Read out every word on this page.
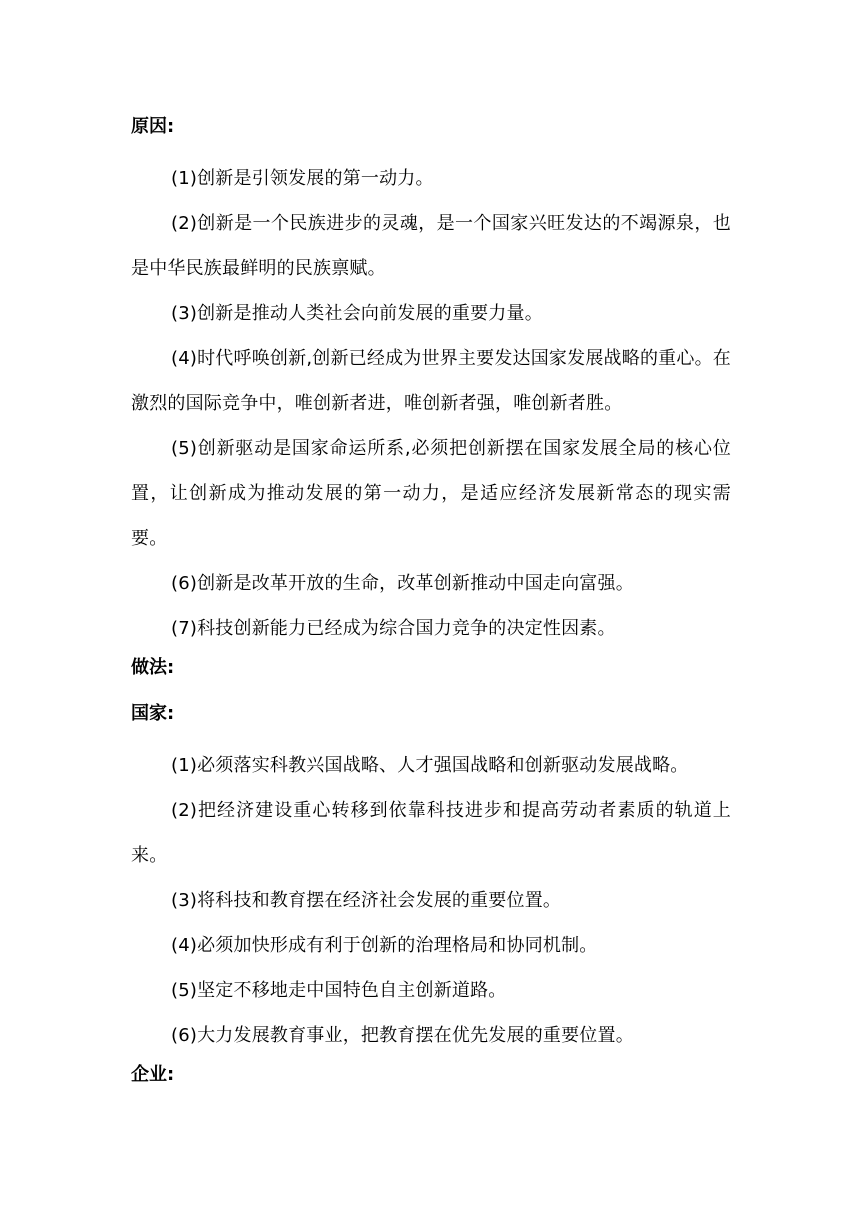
原因:

(1)创新是引领发展的第一动力。

(2)创新是一个民族进步的灵魂，是一个国家兴旺发达的不竭源泉，也是中华民族最鲜明的民族禀赋。

(3)创新是推动人类社会向前发展的重要力量。

(4)时代呼唤创新,创新已经成为世界主要发达国家发展战略的重心。在激烈的国际竞争中，唯创新者进，唯创新者强，唯创新者胜。

(5)创新驱动是国家命运所系,必须把创新摆在国家发展全局的核心位置，让创新成为推动发展的第一动力，是适应经济发展新常态的现实需要。

(6)创新是改革开放的生命，改革创新推动中国走向富强。

(7)科技创新能力已经成为综合国力竞争的决定性因素。

做法:
国家:

(1)必须落实科教兴国战略、人才强国战略和创新驱动发展战略。

(2)把经济建设重心转移到依靠科技进步和提高劳动者素质的轨道上来。

(3)将科技和教育摆在经济社会发展的重要位置。

(4)必须加快形成有利于创新的治理格局和协同机制。

(5)坚定不移地走中国特色自主创新道路。

(6)大力发展教育事业，把教育摆在优先发展的重要位置。

企业:
